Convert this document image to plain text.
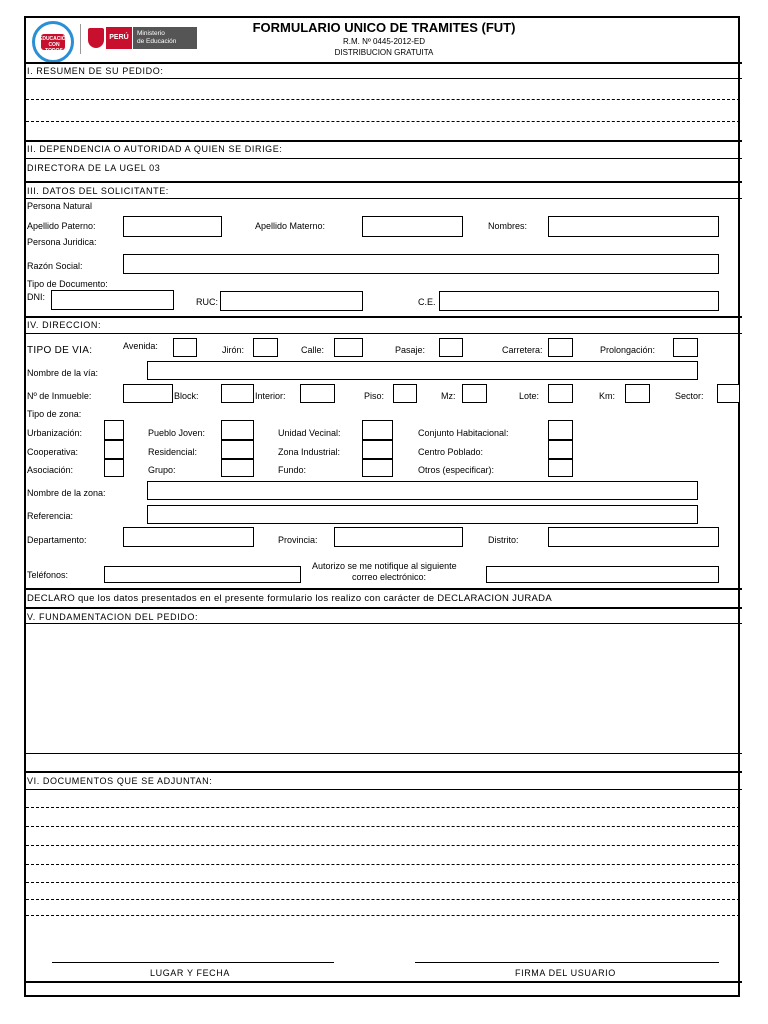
EDUCACIÓN CON TODOS
PERÚ
Ministerio
de Educación
FORMULARIO UNICO DE TRAMITES (FUT)
R.M. Nº 0445-2012-ED
DISTRIBUCION GRATUITA
I. RESUMEN DE SU PEDIDO:
II. DEPENDENCIA O AUTORIDAD A QUIEN SE DIRIGE:
DIRECTORA DE LA UGEL 03
III. DATOS DEL SOLICITANTE:
Persona Natural
Apellido Paterno:	Apellido Materno:	Nombres:
Persona Juridica:
Razón Social:
Tipo de Documento:
DNI:	RUC:	C.E.
IV. DIRECCION:
TIPO DE VIA:	Avenida:	Jirón:	Calle:	Pasaje:	Carretera:	Prolongación:
Nombre de la vía:
Nº de Inmueble:	Block:	Interior:	Piso:	Mz:	Lote:	Km:	Sector:
Tipo de zona:
Urbanización:	Pueblo Joven:	Unidad Vecinal:	Conjunto Habitacional:
Cooperativa:	Residencial:	Zona Industrial:	Centro Poblado:
Asociación:	Grupo:	Fundo:	Otros (especificar):
Nombre de la zona:
Referencia:
Departamento:	Provincia:	Distrito:
Teléfonos:
Autorizo se me notifique al siguiente
correo electrónico:
DECLARO que los datos presentados en el presente formulario los realizo con carácter de DECLARACION JURADA
V. FUNDAMENTACION DEL PEDIDO:
VI. DOCUMENTOS QUE SE ADJUNTAN:
LUGAR Y FECHA	FIRMA DEL USUARIO
